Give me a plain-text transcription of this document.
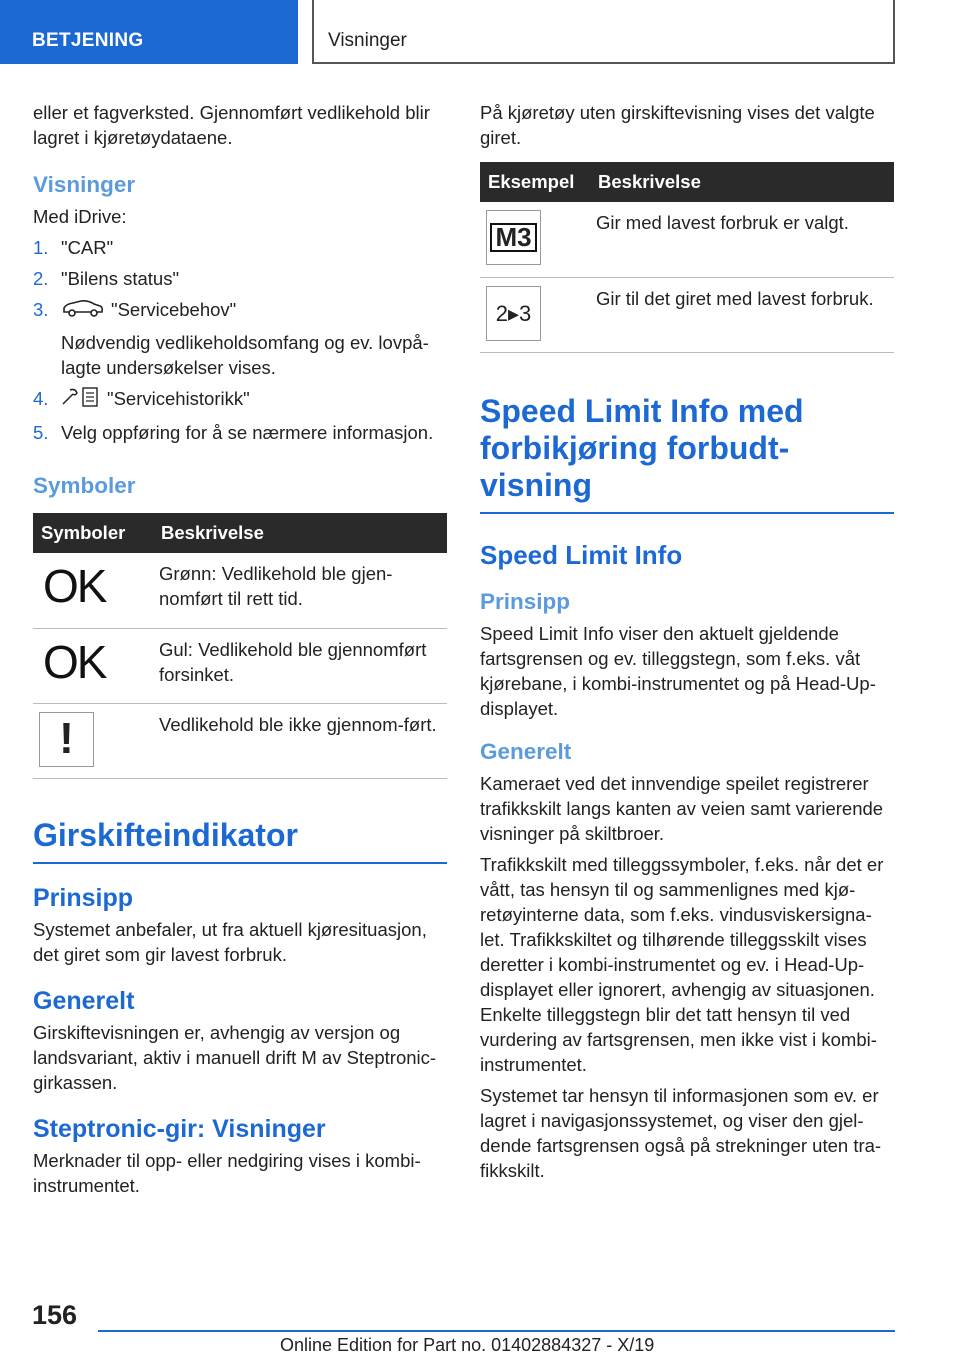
BETJENING	Visninger

eller et fagverksted. Gjennomført vedlikehold blir lagret i kjøretøydataene.

Visninger

Med iDrive:

1. "CAR"
2. "Bilens status"
3.	"Servicebehov"
Nødvendig vedlikeholdsomfang og ev. lovpå-lagte undersøkelser vises.
4.	"Servicehistorikk"
5. Velg oppføring for å se nærmere informasjon.
Symboler
Symboler	Beskrivelse

OK	Grønn: Vedlikehold ble gjen-nomført til rett tid.

OK	Gul: Vedlikehold ble gjennomført forsinket.

!	Vedlikehold ble ikke gjennom-ført.
Girskifteindikator
Prinsipp

Systemet anbefaler, ut fra aktuell kjøresituasjon, det giret som gir lavest forbruk.

Generelt

Girskiftevisningen er, avhengig av versjon og landsvariant, aktiv i manuell drift M av Steptronic-girkassen.

Steptronic-gir: Visninger

Merknader til opp- eller nedgiring vises i kombi-instrumentet.

På kjøretøy uten girskiftevisning vises det valgte giret.

Eksempel	Beskrivelse

M3	Gir med lavest forbruk er valgt.

2▸3	Gir til det giret med lavest forbruk.
Speed Limit Info med forbikjøring forbudt-visning
Speed Limit Info
Prinsipp

Speed Limit Info viser den aktuelt gjeldende fartsgrensen og ev. tilleggstegn, som f.eks. våt kjørebane, i kombi-instrumentet og på Head-Up-displayet.

Generelt

Kameraet ved det innvendige speilet registrerer trafikkskilt langs kanten av veien samt varierende visninger på skiltbroer.

Trafikkskilt med tilleggssymboler, f.eks. når det er vått, tas hensyn til og sammenlignes med kjø-retøyinterne data, som f.eks. vindusviskersigna-let. Trafikkskiltet og tilhørende tilleggsskilt vises deretter i kombi-instrumentet og ev. i Head-Up-displayet eller ignorert, avhengig av situasjonen. Enkelte tilleggstegn blir det tatt hensyn til ved vurdering av fartsgrensen, men ikke vist i kombi-instrumentet.

Systemet tar hensyn til informasjonen som ev. er lagret i navigasjonssystemet, og viser den gjel-dende fartsgrensen også på strekninger uten tra-fikkskilt.

156
Online Edition for Part no. 01402884327 - X/19
